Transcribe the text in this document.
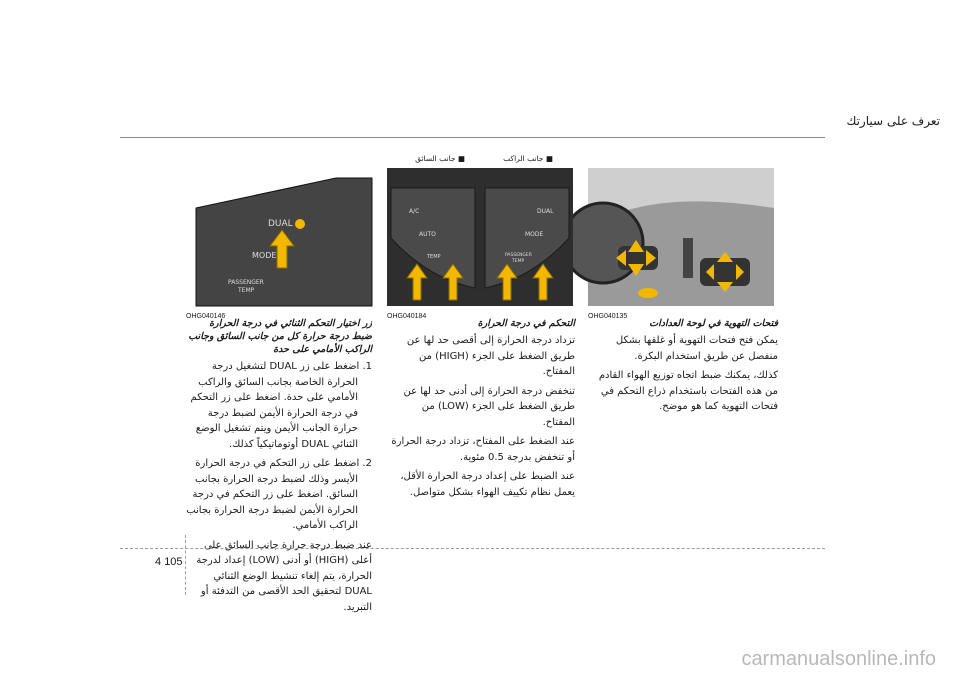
تعرف على سيارتك
■ جانب الراكب
■ جانب السائق
OHG040135
A/C
AUTO
TEMP
DUAL
MODE
PASSENGER
TEMP
OHG040184
DUAL
MODE
PASSENGER
TEMP
OHG040146
فتحات التهوية في لوحة العدادات

يمكن فتح فتحات التهوية أو غلقها بشكل منفصل عن طريق استخدام البكرة.

كذلك، يمكنك ضبط اتجاه توزيع الهواء القادم من هذه الفتحات باستخدام ذراع التحكم في فتحات التهوية كما هو موضح.

التحكم في درجة الحرارة

تزداد درجة الحرارة إلى أقصى حد لها عن طريق الضغط على الجزء (HIGH) من المفتاح.

تنخفض درجة الحرارة إلى أدنى حد لها عن طريق الضغط على الجزء (LOW) من المفتاح.

عند الضغط على المفتاح، تزداد درجة الحرارة أو تنخفض بدرجة 0.5 مئوية.

عند الضبط على إعداد درجة الحرارة الأقل، يعمل نظام تكييف الهواء بشكل متواصل.

زر اختيار التحكم الثنائي في درجة الحرارة ضبط درجة حرارة كل من جانب السائق وجانب الراكب الأمامي على حدة

1. اضغط على زر DUAL لتشغيل درجة الحرارة الخاصة بجانب السائق والراكب الأمامي على حدة. اضغط على زر التحكم في درجة الحرارة الأيمن لضبط درجة حرارة الجانب الأيمن ويتم تشغيل الوضع الثنائي DUAL أوتوماتيكياً كذلك.

2. اضغط على زر التحكم في درجة الحرارة الأيسر وذلك لضبط درجة الحرارة بجانب السائق. اضغط على زر التحكم في درجة الحرارة الأيمن لضبط درجة الحرارة بجانب الراكب الأمامي.

عند ضبط درجة حرارة جانب السائق على أعلى (HIGH) أو أدنى (LOW) إعداد لدرجة الحرارة، يتم إلغاء تنشيط الوضع الثنائي DUAL لتحقيق الحد الأقصى من التدفئة أو التبريد.

4 105
carmanualsonline.info
